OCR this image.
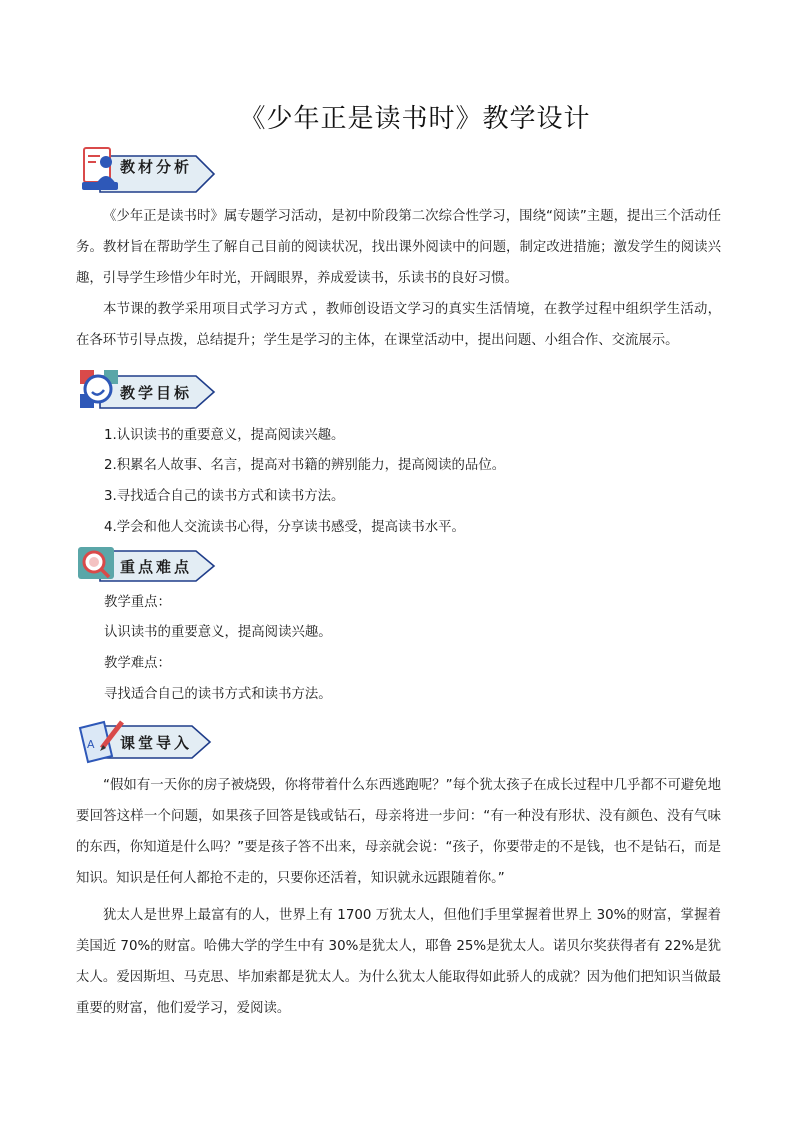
《少年正是读书时》教学设计
教材分析

《少年正是读书时》属专题学习活动，是初中阶段第二次综合性学习，围绕“阅读”主题，提出三个活动任务。教材旨在帮助学生了解自己目前的阅读状况，找出课外阅读中的问题，制定改进措施；激发学生的阅读兴趣，引导学生珍惜少年时光，开阔眼界，养成爱读书，乐读书的良好习惯。

本节课的教学采用项目式学习方式 ，教师创设语文学习的真实生活情境，在教学过程中组织学生活动，在各环节引导点拨，总结提升；学生是学习的主体，在课堂活动中，提出问题、小组合作、交流展示。

教学目标
1.认识读书的重要意义，提高阅读兴趣。
2.积累名人故事、名言，提高对书籍的辨别能力，提高阅读的品位。
3.寻找适合自己的读书方式和读书方法。
4.学会和他人交流读书心得，分享读书感受，提高读书水平。
重点难点
教学重点：
认识读书的重要意义，提高阅读兴趣。
教学难点：
寻找适合自己的读书方式和读书方法。
A 课堂导入

“假如有一天你的房子被烧毁，你将带着什么东西逃跑呢？”每个犹太孩子在成长过程中几乎都不可避免地要回答这样一个问题，如果孩子回答是钱或钻石，母亲将进一步问：“有一种没有形状、没有颜色、没有气味的东西，你知道是什么吗？”要是孩子答不出来，母亲就会说：“孩子，你要带走的不是钱，也不是钻石，而是知识。知识是任何人都抢不走的，只要你还活着，知识就永远跟随着你。”

犹太人是世界上最富有的人，世界上有 1700 万犹太人，但他们手里掌握着世界上 30%的财富，掌握着美国近 70%的财富。哈佛大学的学生中有 30%是犹太人，耶鲁 25%是犹太人。诺贝尔奖获得者有 22%是犹太人。爱因斯坦、马克思、毕加索都是犹太人。为什么犹太人能取得如此骄人的成就？因为他们把知识当做最重要的财富，他们爱学习，爱阅读。
